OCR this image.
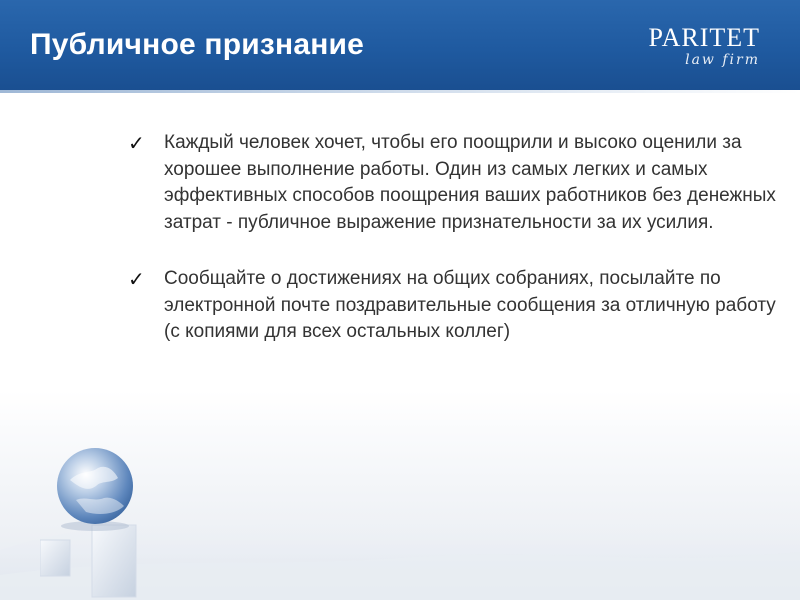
Публичное признание	PARITET
law firm
✓	Каждый человек хочет, чтобы его поощрили и высоко оценили за хорошее выполнение работы. Один из самых легких и самых эффективных способов поощрения ваших работников без денежных затрат - публичное выражение признательности за их усилия.
✓	Сообщайте о достижениях на общих собраниях, посылайте по электронной почте поздравительные сообщения за отличную работу (с копиями для всех остальных коллег)
